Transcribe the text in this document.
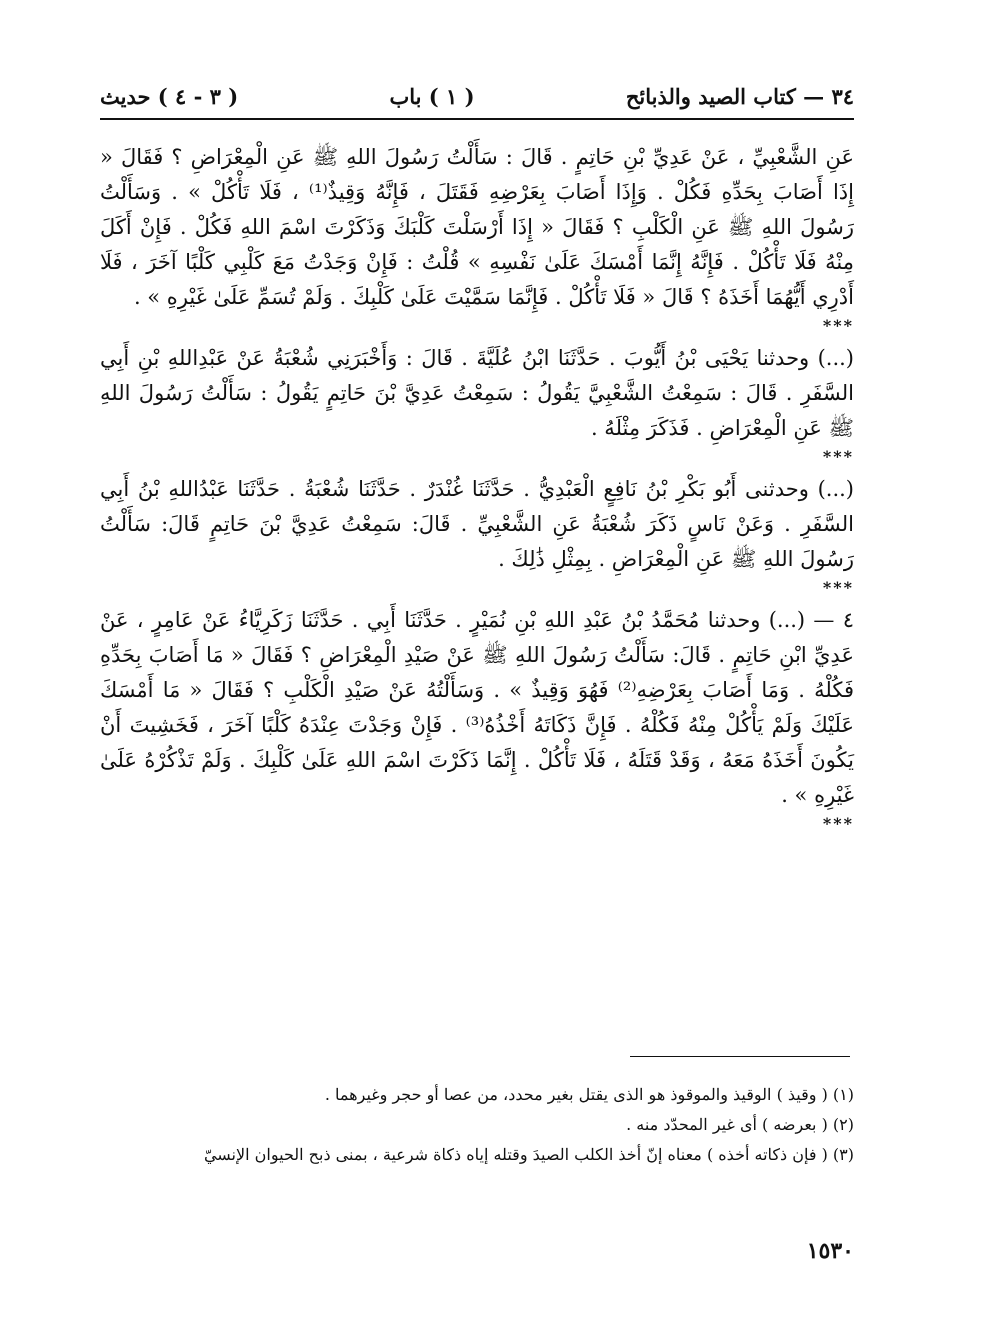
٣٤ — كتاب الصيد والذبائح
( ١ ) باب
( ٣ - ٤ ) حديث

عَنِ الشَّعْبِيِّ ، عَنْ عَدِيِّ بْنِ حَاتِمٍ . قَالَ : سَأَلْتُ رَسُولَ اللهِ ﷺ عَنِ الْمِعْرَاضِ ؟ فَقَالَ « إِذَا أَصَابَ بِحَدِّهِ فَكُلْ . وَإِذَا أَصَابَ بِعَرْضِهِ فَقَتَلَ ، فَإِنَّهُ وَقِيذٌ⁽¹⁾ ، فَلَا تَأْكُلْ » . وَسَأَلْتُ رَسُولَ اللهِ ﷺ عَنِ الْكَلْبِ ؟ فَقَالَ « إِذَا أَرْسَلْتَ كَلْبَكَ وَذَكَرْتَ اسْمَ اللهِ فَكُلْ . فَإِنْ أَكَلَ مِنْهُ فَلَا تَأْكُلْ . فَإِنَّهُ إِنَّمَا أَمْسَكَ عَلَىٰ نَفْسِهِ » قُلْتُ : فَإِنْ وَجَدْتُ مَعَ كَلْبِي كَلْبًا آخَرَ ، فَلَا أَدْرِي أَيُّهُمَا أَخَذَهُ ؟ قَالَ « فَلَا تَأْكُلْ . فَإِنَّمَا سَمَّيْتَ عَلَىٰ كَلْبِكَ . وَلَمْ تُسَمِّ عَلَىٰ غَيْرِهِ » .

***

(...) وحدثنا يَحْيَى بْنُ أَيُّوبَ . حَدَّثَنَا ابْنُ عُلَيَّةَ . قَالَ : وَأَخْبَرَنِي شُعْبَةُ عَنْ عَبْدِاللهِ بْنِ أَبِي السَّفَرِ . قَالَ : سَمِعْتُ الشَّعْبِيَّ يَقُولُ : سَمِعْتُ عَدِيَّ بْنَ حَاتِمٍ يَقُولُ : سَأَلْتُ رَسُولَ اللهِ ﷺ عَنِ الْمِعْرَاضِ . فَذَكَرَ مِثْلَهُ .

***

(...) وحدثنى أَبُو بَكْرِ بْنُ نَافِعٍ الْعَبْدِيُّ . حَدَّثَنَا غُنْدَرٌ . حَدَّثَنَا شُعْبَةُ . حَدَّثَنَا عَبْدُاللهِ بْنُ أَبِي السَّفَرِ . وَعَنْ نَاسٍ ذَكَرَ شُعْبَةُ عَنِ الشَّعْبِيِّ . قَالَ: سَمِعْتُ عَدِيَّ بْنَ حَاتِمٍ قَالَ: سَأَلْتُ رَسُولَ اللهِ ﷺ عَنِ الْمِعْرَاضِ . بِمِثْلِ ذَٰلِكَ .

***

٤ — (...) وحدثنا مُحَمَّدُ بْنُ عَبْدِ اللهِ بْنِ نُمَيْرٍ . حَدَّثَنَا أَبِي . حَدَّثَنَا زَكَرِيَّاءُ عَنْ عَامِرٍ ، عَنْ عَدِيِّ ابْنِ حَاتِمٍ . قَالَ: سَأَلْتُ رَسُولَ اللهِ ﷺ عَنْ صَيْدِ الْمِعْرَاضِ ؟ فَقَالَ « مَا أَصَابَ بِحَدِّهِ فَكُلْهُ . وَمَا أَصَابَ بِعَرْضِهِ⁽²⁾ فَهُوَ وَقِيذٌ » . وَسَأَلْتُهُ عَنْ صَيْدِ الْكَلْبِ ؟ فَقَالَ « مَا أَمْسَكَ عَلَيْكَ وَلَمْ يَأْكُلْ مِنْهُ فَكُلْهُ . فَإِنَّ ذَكَاتَهُ أَخْذُهُ⁽³⁾ . فَإِنْ وَجَدْتَ عِنْدَهُ كَلْبًا آخَرَ ، فَخَشِيتَ أَنْ يَكُونَ أَخَذَهُ مَعَهُ ، وَقَدْ قَتَلَهُ ، فَلَا تَأْكُلْ . إِنَّمَا ذَكَرْتَ اسْمَ اللهِ عَلَىٰ كَلْبِكَ . وَلَمْ تَذْكُرْهُ عَلَىٰ غَيْرِهِ » .

***

(١) ( وقيذ ) الوقيذ والموقوذ هو الذى يقتل بغير محدد، من عصا أو حجر وغيرهما .

(٢) ( بعرضه ) أى غير المحدّد منه .

(٣) ( فإن ذكاته أخذه ) معناه إنّ أخذ الكلب الصيدَ وقتله إياه ذكاة شرعية ، بمنى ذبح الحيوان الإنسيّ

١٥٣٠
